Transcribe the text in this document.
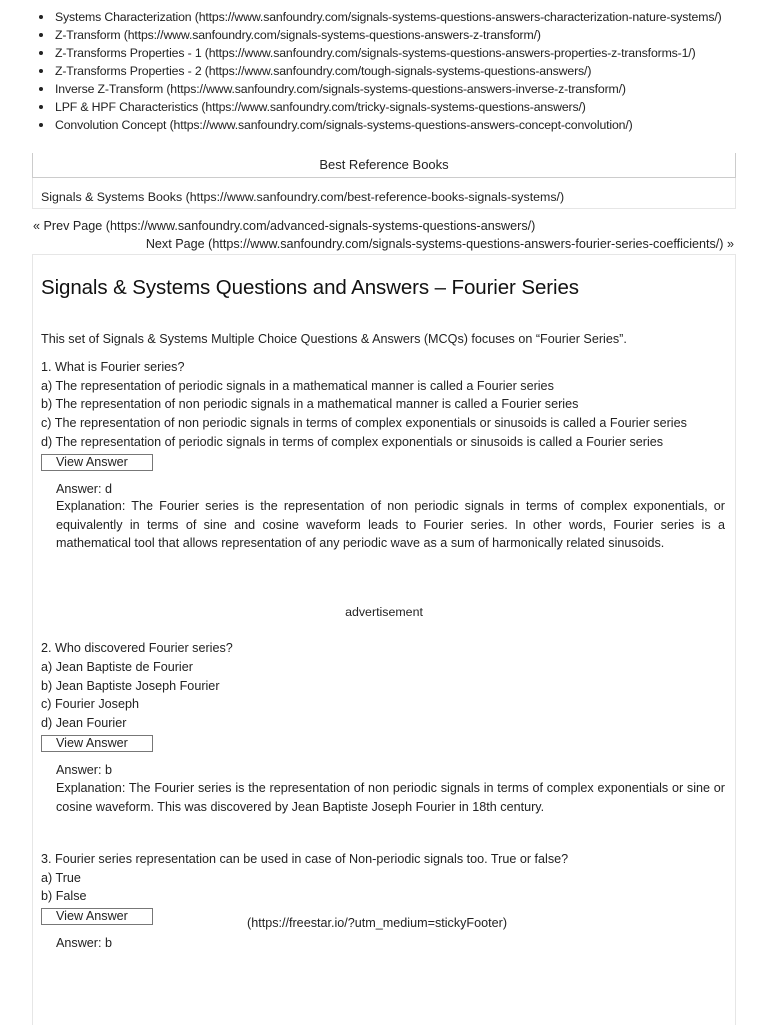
Systems Characterization (https://www.sanfoundry.com/signals-systems-questions-answers-characterization-nature-systems/)
Z-Transform (https://www.sanfoundry.com/signals-systems-questions-answers-z-transform/)
Z-Transforms Properties - 1 (https://www.sanfoundry.com/signals-systems-questions-answers-properties-z-transforms-1/)
Z-Transforms Properties - 2 (https://www.sanfoundry.com/tough-signals-systems-questions-answers/)
Inverse Z-Transform (https://www.sanfoundry.com/signals-systems-questions-answers-inverse-z-transform/)
LPF & HPF Characteristics (https://www.sanfoundry.com/tricky-signals-systems-questions-answers/)
Convolution Concept (https://www.sanfoundry.com/signals-systems-questions-answers-concept-convolution/)
Best Reference Books
Signals & Systems Books (https://www.sanfoundry.com/best-reference-books-signals-systems/)
« Prev Page (https://www.sanfoundry.com/advanced-signals-systems-questions-answers/)
Next Page (https://www.sanfoundry.com/signals-systems-questions-answers-fourier-series-coefficients/) »
Signals & Systems Questions and Answers – Fourier Series
This set of Signals & Systems Multiple Choice Questions & Answers (MCQs) focuses on “Fourier Series”.
1. What is Fourier series?
a) The representation of periodic signals in a mathematical manner is called a Fourier series
b) The representation of non periodic signals in a mathematical manner is called a Fourier series
c) The representation of non periodic signals in terms of complex exponentials or sinusoids is called a Fourier series
d) The representation of periodic signals in terms of complex exponentials or sinusoids is called a Fourier series
View Answer
Answer: d
Explanation: The Fourier series is the representation of non periodic signals in terms of complex exponentials, or equivalently in terms of sine and cosine waveform leads to Fourier series. In other words, Fourier series is a mathematical tool that allows representation of any periodic wave as a sum of harmonically related sinusoids.
advertisement
2. Who discovered Fourier series?
a) Jean Baptiste de Fourier
b) Jean Baptiste Joseph Fourier
c) Fourier Joseph
d) Jean Fourier
View Answer
Answer: b
Explanation: The Fourier series is the representation of non periodic signals in terms of complex exponentials or sine or cosine waveform. This was discovered by Jean Baptiste Joseph Fourier in 18th century.
3. Fourier series representation can be used in case of Non-periodic signals too. True or false?
a) True
b) False
View Answer
Answer: b
(https://freestar.io/?utm_medium=stickyFooter)
